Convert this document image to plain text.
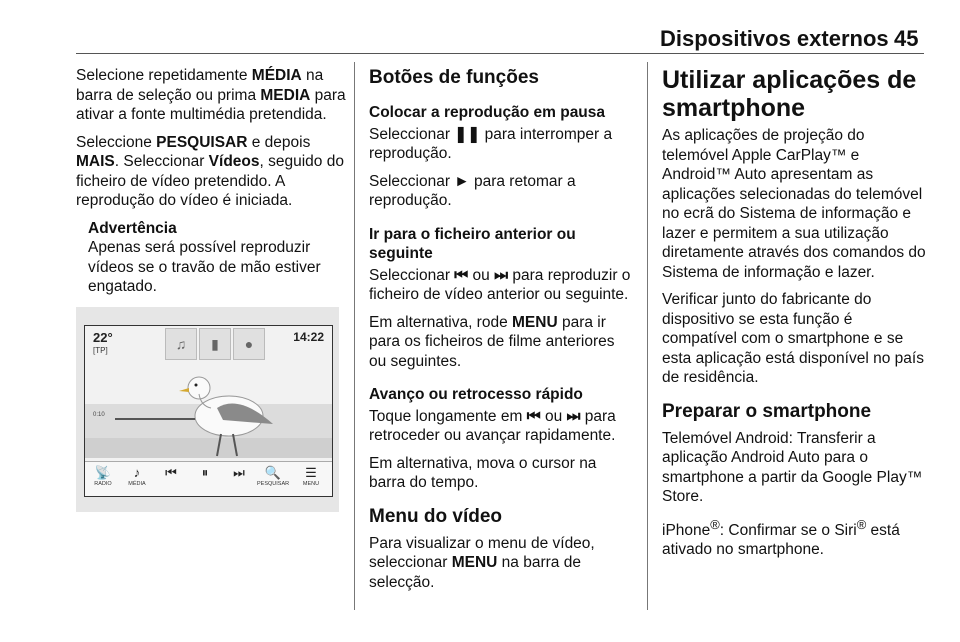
Dispositivos externos 45

Selecione repetidamente MÉDIA na barra de seleção ou prima MEDIA para ativar a fonte multimédia pretendida.

Seleccione PESQUISAR e depois MAIS. Seleccionar Vídeos, seguido do ficheiro de vídeo pretendido. A reprodução do vídeo é iniciada.

Advertência
Apenas será possível reproduzir vídeos se o travão de mão estiver engatado.
22°
[TP]
14:22
♫	▮	●
0:10
📡
RADIO
♪
MÉDIA
⏮	⏸	⏭	🔍
PESQUISAR
☰
MENU
Botões de funções
Colocar a reprodução em pausa

Seleccionar ❚❚ para interromper a reprodução.

Seleccionar ► para retomar a reprodução.

Ir para o ficheiro anterior ou seguinte

Seleccionar ⏮ ou ⏭ para reproduzir o ficheiro de vídeo anterior ou seguinte.

Em alternativa, rode MENU para ir para os ficheiros de filme anteriores ou seguintes.

Avanço ou retrocesso rápido

Toque longamente em ⏮ ou ⏭ para retroceder ou avançar rapidamente.

Em alternativa, mova o cursor na barra do tempo.

Menu do vídeo

Para visualizar o menu de vídeo, seleccionar MENU na barra de selecção.

Utilizar aplicações de smartphone

As aplicações de projeção do telemóvel Apple CarPlay™ e Android™ Auto apresentam as aplicações selecionadas do telemóvel no ecrã do Sistema de informação e lazer e permitem a sua utilização diretamente através dos comandos do Sistema de informação e lazer.

Verificar junto do fabricante do dispositivo se esta função é compatível com o smartphone e se esta aplicação está disponível no país de residência.

Preparar o smartphone

Telemóvel Android: Transferir a aplicação Android Auto para o smartphone a partir da Google Play™ Store.

iPhone®: Confirmar se o Siri® está ativado no smartphone.
